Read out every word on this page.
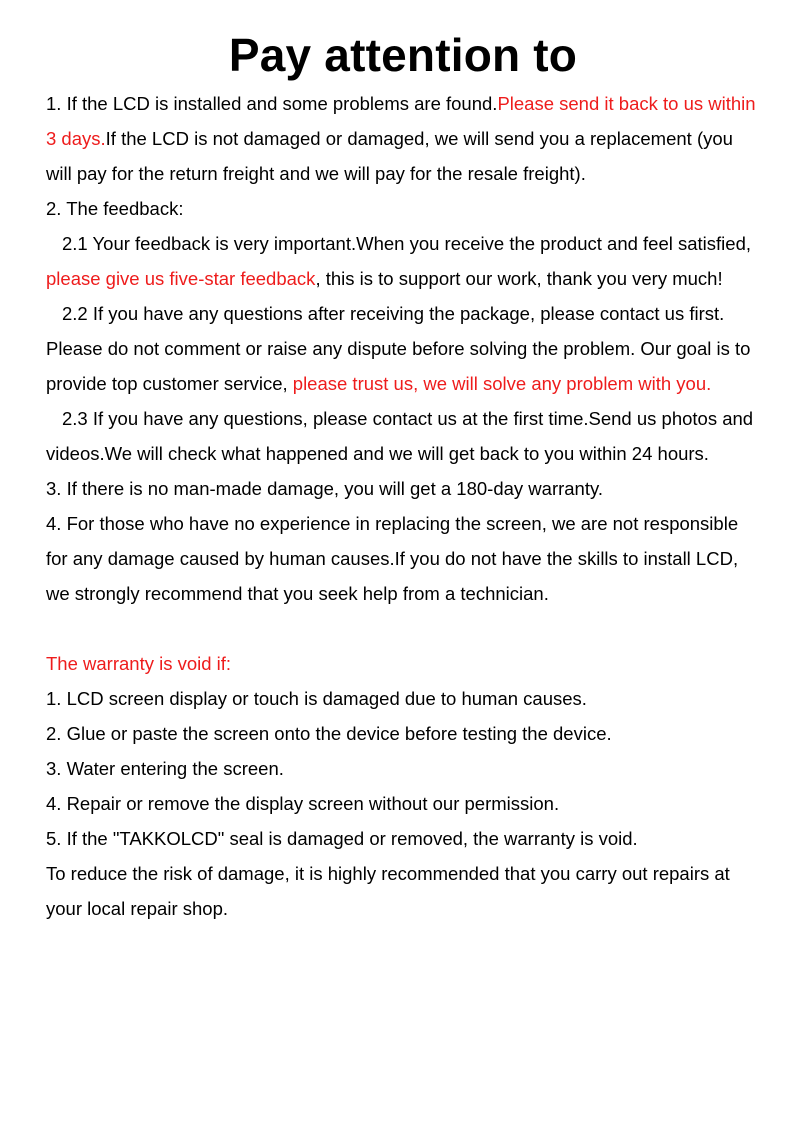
Pay attention to

1. If the LCD is installed and some problems are found.Please send it back to us within 3 days.If the LCD is not damaged or damaged, we will send you a replacement (you will pay for the return freight and we will pay for the resale freight).

2. The feedback:

2.1 Your feedback is very important.When you receive the product and feel satisfied, please give us five-star feedback, this is to support our work, thank you very much!

2.2 If you have any questions after receiving the package, please contact us first. Please do not comment or raise any dispute before solving the problem. Our goal is to provide top customer service, please trust us, we will solve any problem with you.

2.3 If you have any questions, please contact us at the first time.Send us photos and videos.We will check what happened and we will get back to you within 24 hours.

3. If there is no man-made damage, you will get a 180-day warranty.

4. For those who have no experience in replacing the screen, we are not responsible for any damage caused by human causes.If you do not have the skills to install LCD, we strongly recommend that you seek help from a technician.

The warranty is void if:

1. LCD screen display or touch is damaged due to human causes.

2. Glue or paste the screen onto the device before testing the device.

3. Water entering the screen.

4. Repair or remove the display screen without our permission.

5. If the "TAKKOLCD" seal is damaged or removed, the warranty is void.

To reduce the risk of damage, it is highly recommended that you carry out repairs at your local repair shop.
